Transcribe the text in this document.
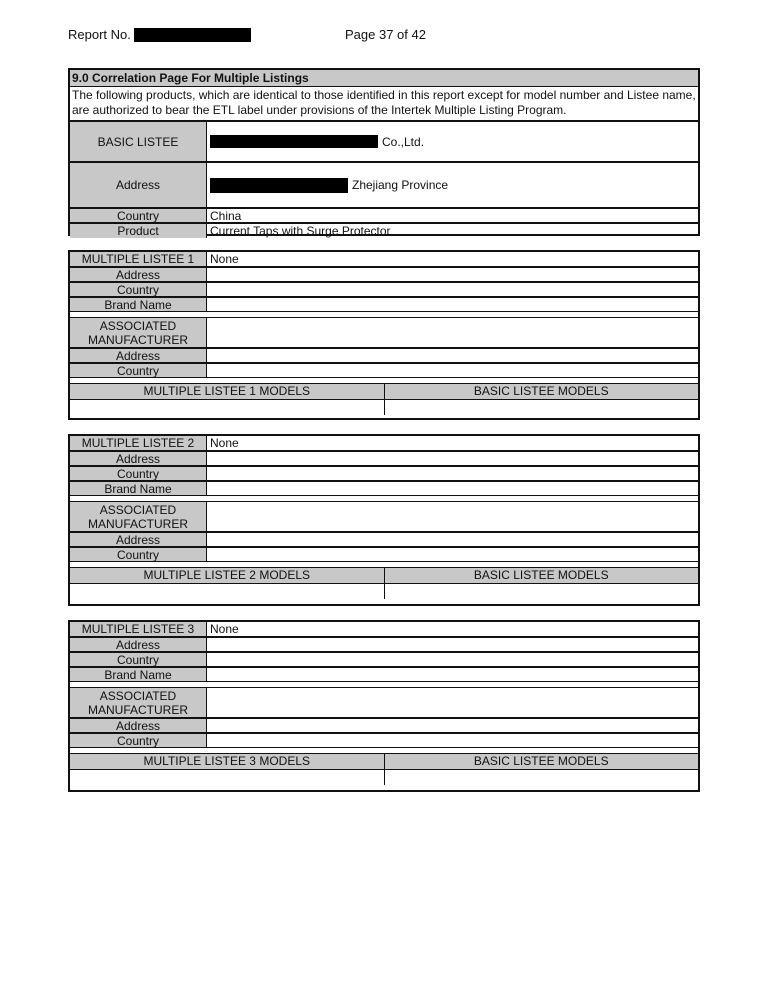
Report No.	Page 37 of 42
9.0 Correlation Page For Multiple Listings
The following products, which are identical to those identified in this report except for model number and Listee name, are authorized to bear the ETL label under provisions of the Intertek Multiple Listing Program.
BASIC LISTEE	Co.,Ltd.
Address	Zhejiang Province
Country	China
Product	Current Taps with Surge Protector
MULTIPLE LISTEE 1	None
Address
Country
Brand Name
ASSOCIATED MANUFACTURER
Address
Country
MULTIPLE LISTEE 1 MODELS	BASIC LISTEE MODELS
MULTIPLE LISTEE 2	None
Address
Country
Brand Name
ASSOCIATED MANUFACTURER
Address
Country
MULTIPLE LISTEE 2 MODELS	BASIC LISTEE MODELS
MULTIPLE LISTEE 3	None
Address
Country
Brand Name
ASSOCIATED MANUFACTURER
Address
Country
MULTIPLE LISTEE 3 MODELS	BASIC LISTEE MODELS
